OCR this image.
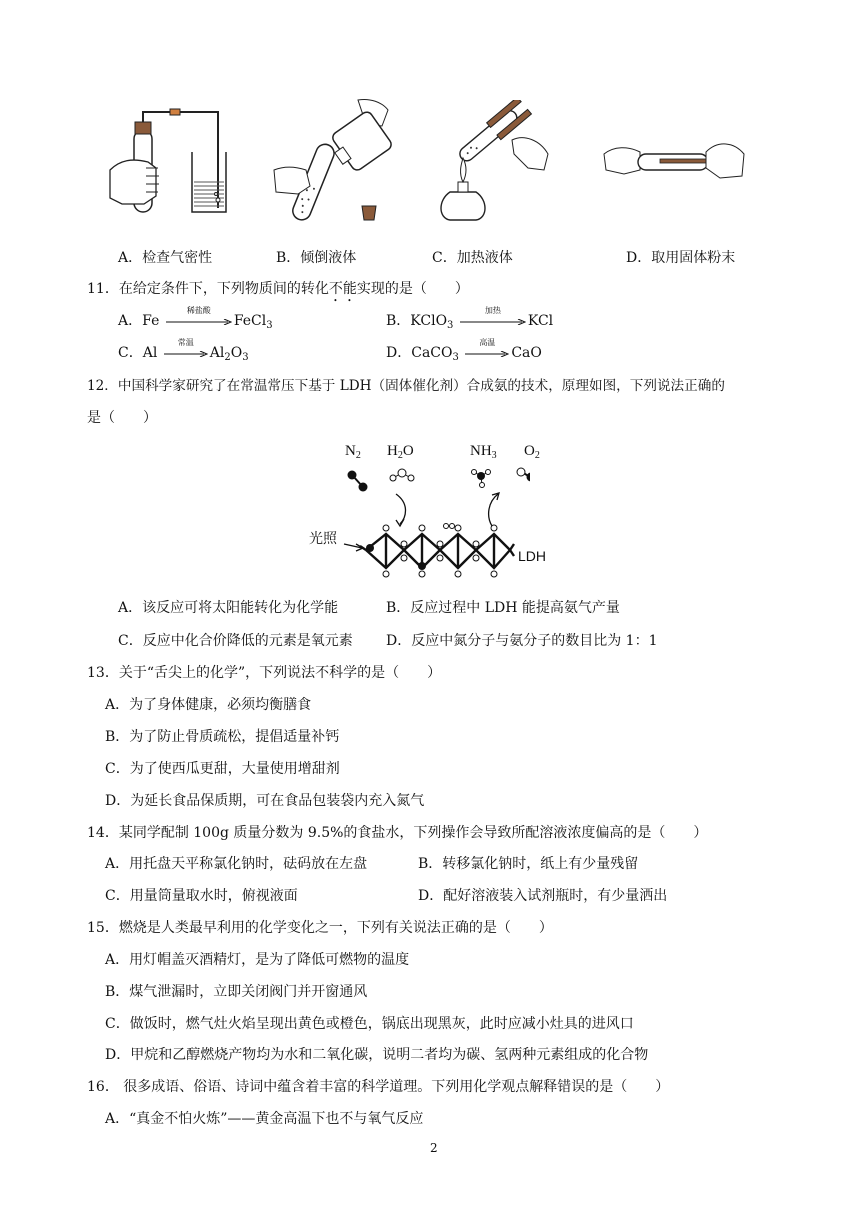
A．检查气密性	B．倾倒液体	C．加热液体	D．取用固体粉末
11．在给定条件下，下列物质间的转化不能实现的是（　　）
A．Fe
稀盐酸
FeCl$_3$	B．KClO$_3$
加热
KCl
C．Al
常温
$Al_2O_3$	D．CaCO$_3$
高温
CaO
12．中国科学家研究了在常温常压下基于 LDH（固体催化剂）合成氨的技术，原理如图，下列说法正确的
是（　　）
$N_2$ $H_2O$	$NH_3$ $O_2$
光照
LDH
A．该反应可将太阳能转化为化学能	B．反应过程中 LDH 能提高氨气产量
C．反应中化合价降低的元素是氧元素 D．反应中氮分子与氨分子的数目比为 1：1
13．关于“舌尖上的化学”，下列说法不科学的是（　　）
A．为了身体健康，必须均衡膳食
B．为了防止骨质疏松，提倡适量补钙
C．为了使西瓜更甜，大量使用增甜剂
D．为延长食品保质期，可在食品包装袋内充入氮气
14．某同学配制 100g 质量分数为 9.5%的食盐水，下列操作会导致所配溶液浓度偏高的是（　　）
A．用托盘天平称氯化钠时，砝码放在左盘	B．转移氯化钠时，纸上有少量残留
C．用量筒量取水时，俯视液面	D．配好溶液装入试剂瓶时，有少量洒出
15．燃烧是人类最早利用的化学变化之一，下列有关说法正确的是（　　）
A．用灯帽盖灭酒精灯，是为了降低可燃物的温度
B．煤气泄漏时，立即关闭阀门并开窗通风
C．做饭时，燃气灶火焰呈现出黄色或橙色，锅底出现黑灰，此时应减小灶具的进风口
D．甲烷和乙醇燃烧产物均为水和二氧化碳，说明二者均为碳、氢两种元素组成的化合物
16． 很多成语、俗语、诗词中蕴含着丰富的科学道理。下列用化学观点解释错误的是（　　）
A．“真金不怕火炼”——黄金高温下也不与氧气反应
2
